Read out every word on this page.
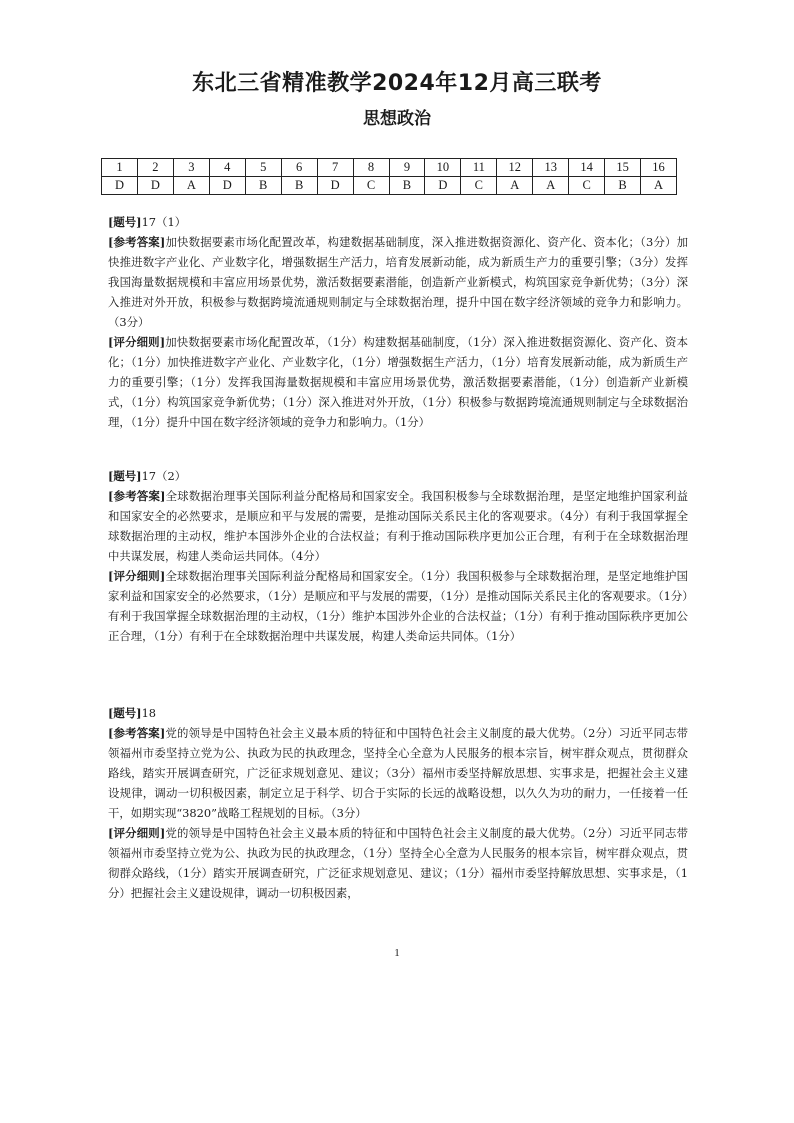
东北三省精准教学2024年12月高三联考
思想政治
1	2	3	4	5	6	7	8	9	10	11	12	13	14	15	16
D	D	A	D	B	B	D	C	B	D	C	A	A	C	B	A
[题号]17（1）
[参考答案]加快数据要素市场化配置改革，构建数据基础制度，深入推进数据资源化、资产化、资本化；（3分）加快推进数字产业化、产业数字化，增强数据生产活力，培育发展新动能，成为新质生产力的重要引擎；（3分）发挥我国海量数据规模和丰富应用场景优势，激活数据要素潜能，创造新产业新模式，构筑国家竞争新优势；（3分）深入推进对外开放，积极参与数据跨境流通规则制定与全球数据治理，提升中国在数字经济领域的竞争力和影响力。（3分）
[评分细则]加快数据要素市场化配置改革，（1分）构建数据基础制度，（1分）深入推进数据资源化、资产化、资本化；（1分）加快推进数字产业化、产业数字化，（1分）增强数据生产活力，（1分）培育发展新动能，成为新质生产力的重要引擎；（1分）发挥我国海量数据规模和丰富应用场景优势，激活数据要素潜能，（1分）创造新产业新模式，（1分）构筑国家竞争新优势；（1分）深入推进对外开放，（1分）积极参与数据跨境流通规则制定与全球数据治理，（1分）提升中国在数字经济领域的竞争力和影响力。（1分）
[题号]17（2）
[参考答案]全球数据治理事关国际利益分配格局和国家安全。我国积极参与全球数据治理，是坚定地维护国家利益和国家安全的必然要求，是顺应和平与发展的需要，是推动国际关系民主化的客观要求。（4分）有利于我国掌握全球数据治理的主动权，维护本国涉外企业的合法权益；有利于推动国际秩序更加公正合理，有利于在全球数据治理中共谋发展，构建人类命运共同体。（4分）
[评分细则]全球数据治理事关国际利益分配格局和国家安全。（1分）我国积极参与全球数据治理，是坚定地维护国家利益和国家安全的必然要求，（1分）是顺应和平与发展的需要，（1分）是推动国际关系民主化的客观要求。（1分）有利于我国掌握全球数据治理的主动权，（1分）维护本国涉外企业的合法权益；（1分）有利于推动国际秩序更加公正合理，（1分）有利于在全球数据治理中共谋发展，构建人类命运共同体。（1分）
[题号]18
[参考答案]党的领导是中国特色社会主义最本质的特征和中国特色社会主义制度的最大优势。（2分）习近平同志带领福州市委坚持立党为公、执政为民的执政理念，坚持全心全意为人民服务的根本宗旨，树牢群众观点，贯彻群众路线，踏实开展调查研究，广泛征求规划意见、建议；（3分）福州市委坚持解放思想、实事求是，把握社会主义建设规律，调动一切积极因素，制定立足于科学、切合于实际的长远的战略设想，以久久为功的耐力，一任接着一任干，如期实现“3820”战略工程规划的目标。（3分）
[评分细则]党的领导是中国特色社会主义最本质的特征和中国特色社会主义制度的最大优势。（2分）习近平同志带领福州市委坚持立党为公、执政为民的执政理念，（1分）坚持全心全意为人民服务的根本宗旨，树牢群众观点，贯彻群众路线，（1分）踏实开展调查研究，广泛征求规划意见、建议；（1分）福州市委坚持解放思想、实事求是，（1分）把握社会主义建设规律，调动一切积极因素，
1
